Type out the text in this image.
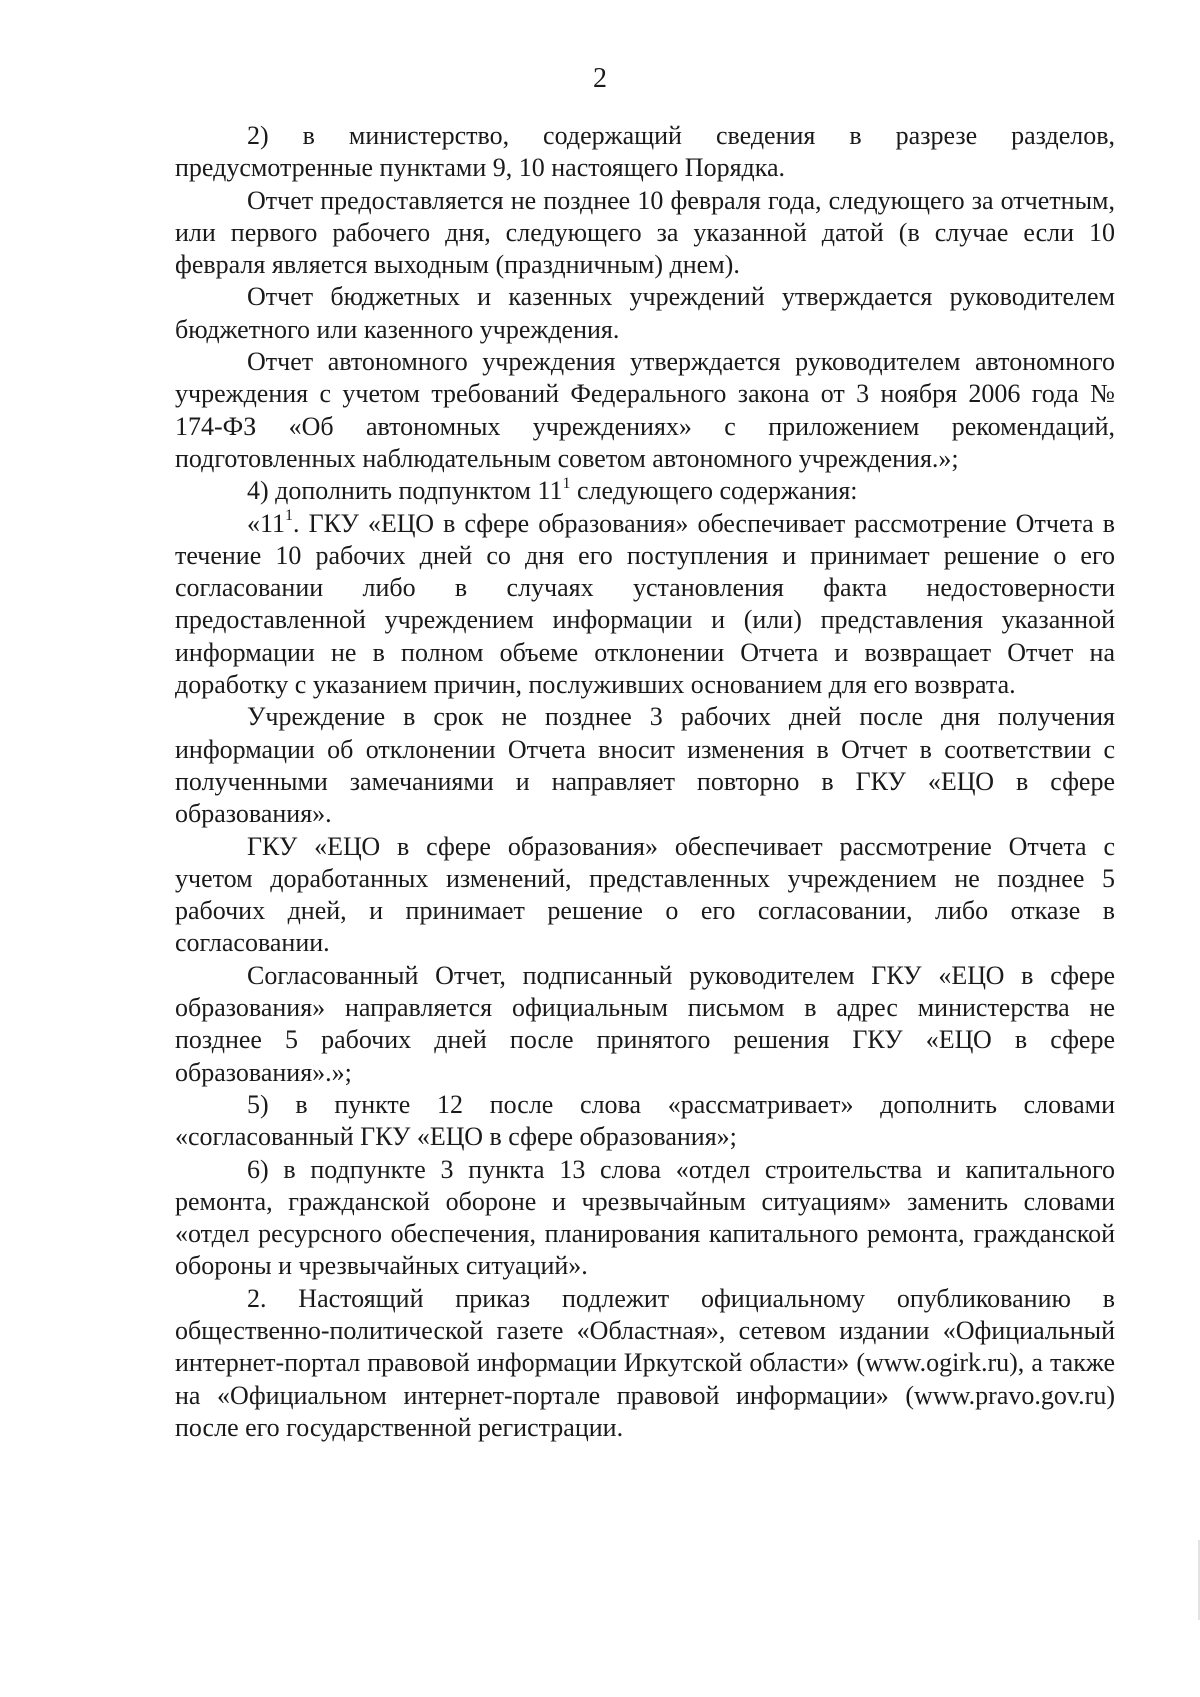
2

2) в министерство, содержащий сведения в разрезе разделов, предусмотренные пунктами 9, 10 настоящего Порядка.

Отчет предоставляется не позднее 10 февраля года, следующего за отчетным, или первого рабочего дня, следующего за указанной датой (в случае если 10 февраля является выходным (праздничным) днем).

Отчет бюджетных и казенных учреждений утверждается руководителем бюджетного или казенного учреждения.

Отчет автономного учреждения утверждается руководителем автономного учреждения с учетом требований Федерального закона от 3 ноября 2006 года № 174-ФЗ «Об автономных учреждениях» с приложением рекомендаций, подготовленных наблюдательным советом автономного учреждения.»;

4) дополнить подпунктом $11^1$ следующего содержания:

«$11^1$. ГКУ «ЕЦО в сфере образования» обеспечивает рассмотрение Отчета в течение 10 рабочих дней со дня его поступления и принимает решение о его согласовании либо в случаях установления факта недостоверности предоставленной учреждением информации и (или) представления указанной информации не в полном объеме отклонении Отчета и возвращает Отчет на доработку с указанием причин, послуживших основанием для его возврата.

Учреждение в срок не позднее 3 рабочих дней после дня получения информации об отклонении Отчета вносит изменения в Отчет в соответствии с полученными замечаниями и направляет повторно в ГКУ «ЕЦО в сфере образования».

ГКУ «ЕЦО в сфере образования» обеспечивает рассмотрение Отчета с учетом доработанных изменений, представленных учреждением не позднее 5 рабочих дней, и принимает решение о его согласовании, либо отказе в согласовании.

Согласованный Отчет, подписанный руководителем ГКУ «ЕЦО в сфере образования» направляется официальным письмом в адрес министерства не позднее 5 рабочих дней после принятого решения ГКУ «ЕЦО в сфере образования».»;

5) в пункте 12 после слова «рассматривает» дополнить словами «согласованный ГКУ «ЕЦО в сфере образования»;

6) в подпункте 3 пункта 13 слова «отдел строительства и капитального ремонта, гражданской обороне и чрезвычайным ситуациям» заменить словами «отдел ресурсного обеспечения, планирования капитального ремонта, гражданской обороны и чрезвычайных ситуаций».

2. Настоящий приказ подлежит официальному опубликованию в общественно-политической газете «Областная», сетевом издании «Официальный интернет-портал правовой информации Иркутской области» (www.ogirk.ru), а также на «Официальном интернет-портале правовой информации» (www.pravo.gov.ru) после его государственной регистрации.
